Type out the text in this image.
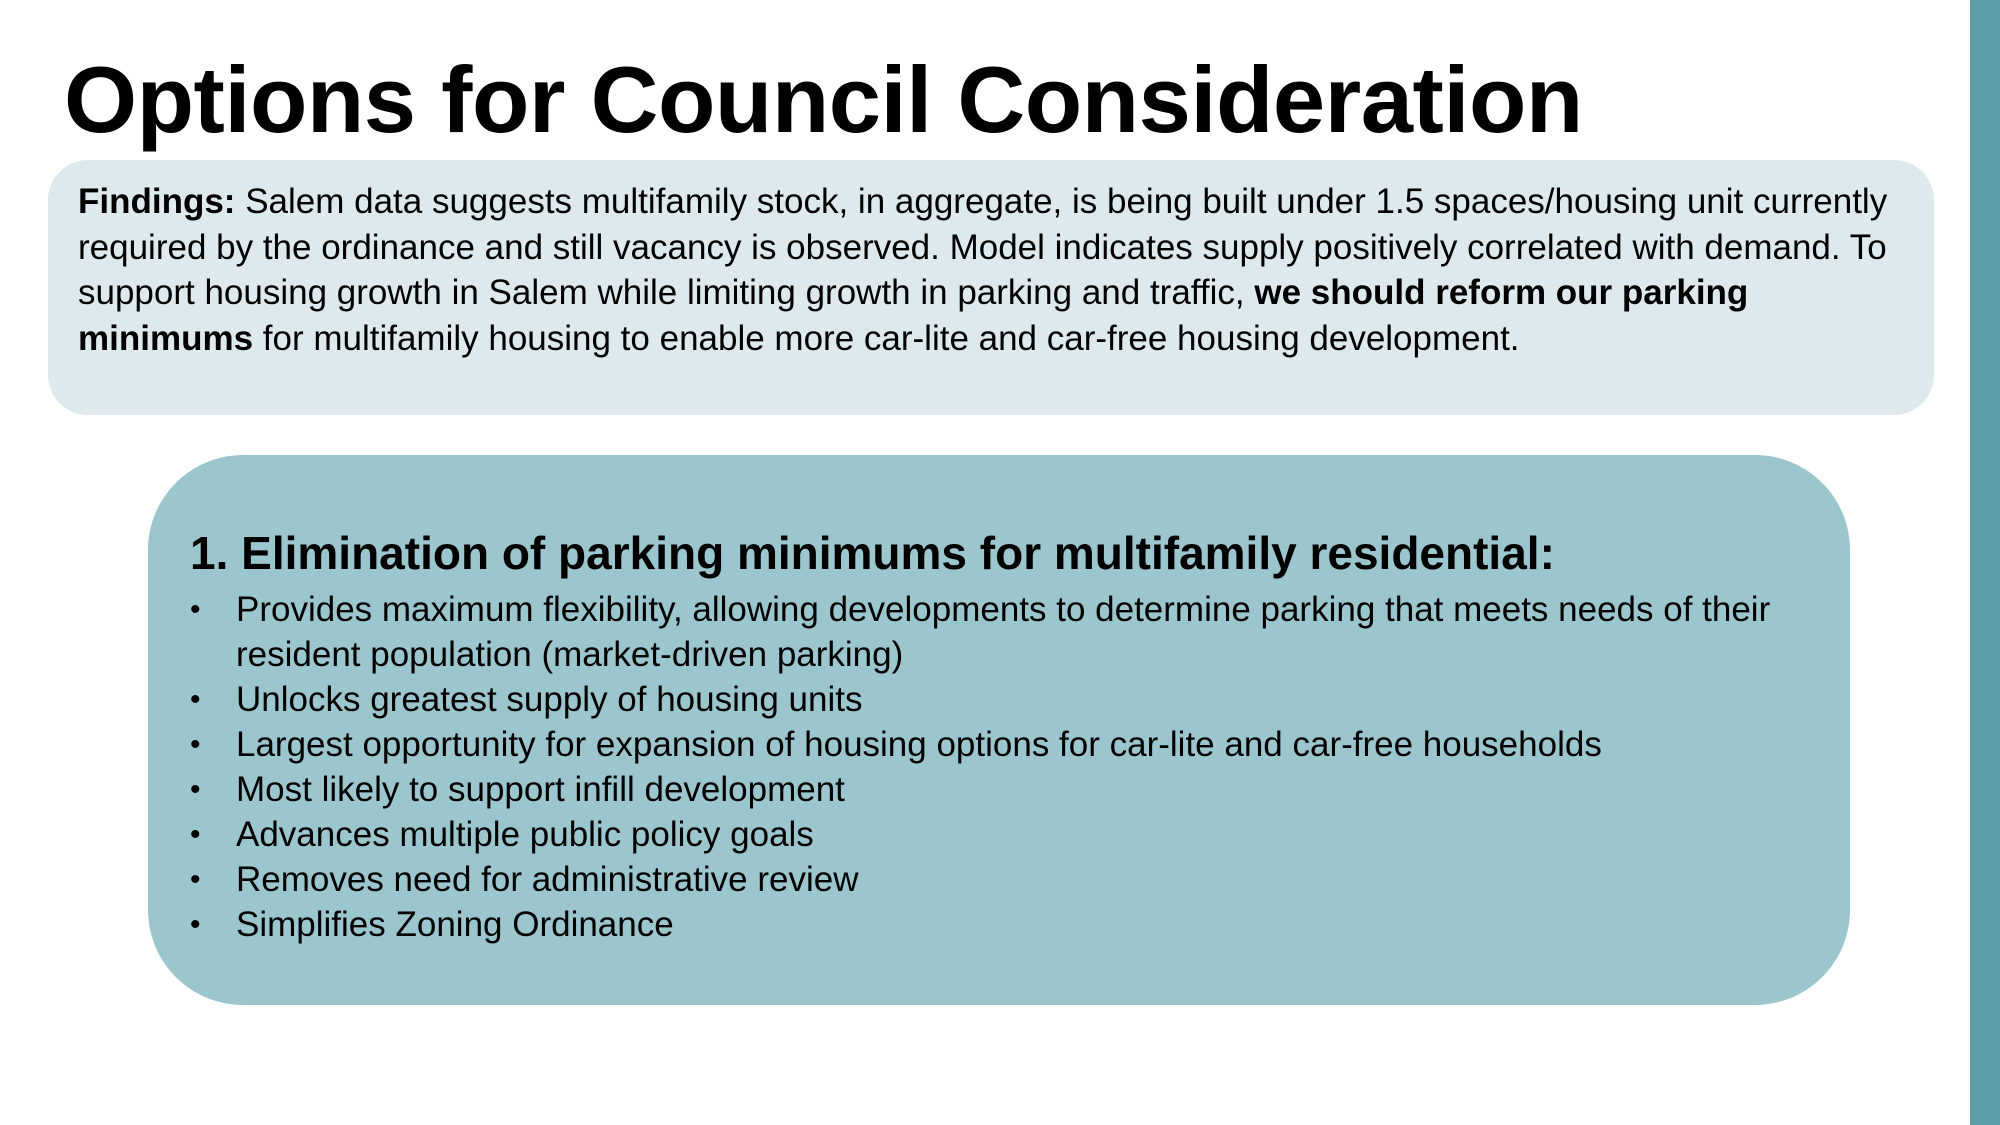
Options for Council Consideration

Findings: Salem data suggests multifamily stock, in aggregate, is being built under 1.5 spaces/housing unit currently required by the ordinance and still vacancy is observed. Model indicates supply positively correlated with demand. To support housing growth in Salem while limiting growth in parking and traffic, we should reform our parking minimums for multifamily housing to enable more car-lite and car-free housing development.

1. Elimination of parking minimums for multifamily residential:
• Provides maximum flexibility, allowing developments to determine parking that meets needs of their resident population (market-driven parking)
• Unlocks greatest supply of housing units
• Largest opportunity for expansion of housing options for car-lite and car-free households
• Most likely to support infill development
• Advances multiple public policy goals
• Removes need for administrative review
• Simplifies Zoning Ordinance
